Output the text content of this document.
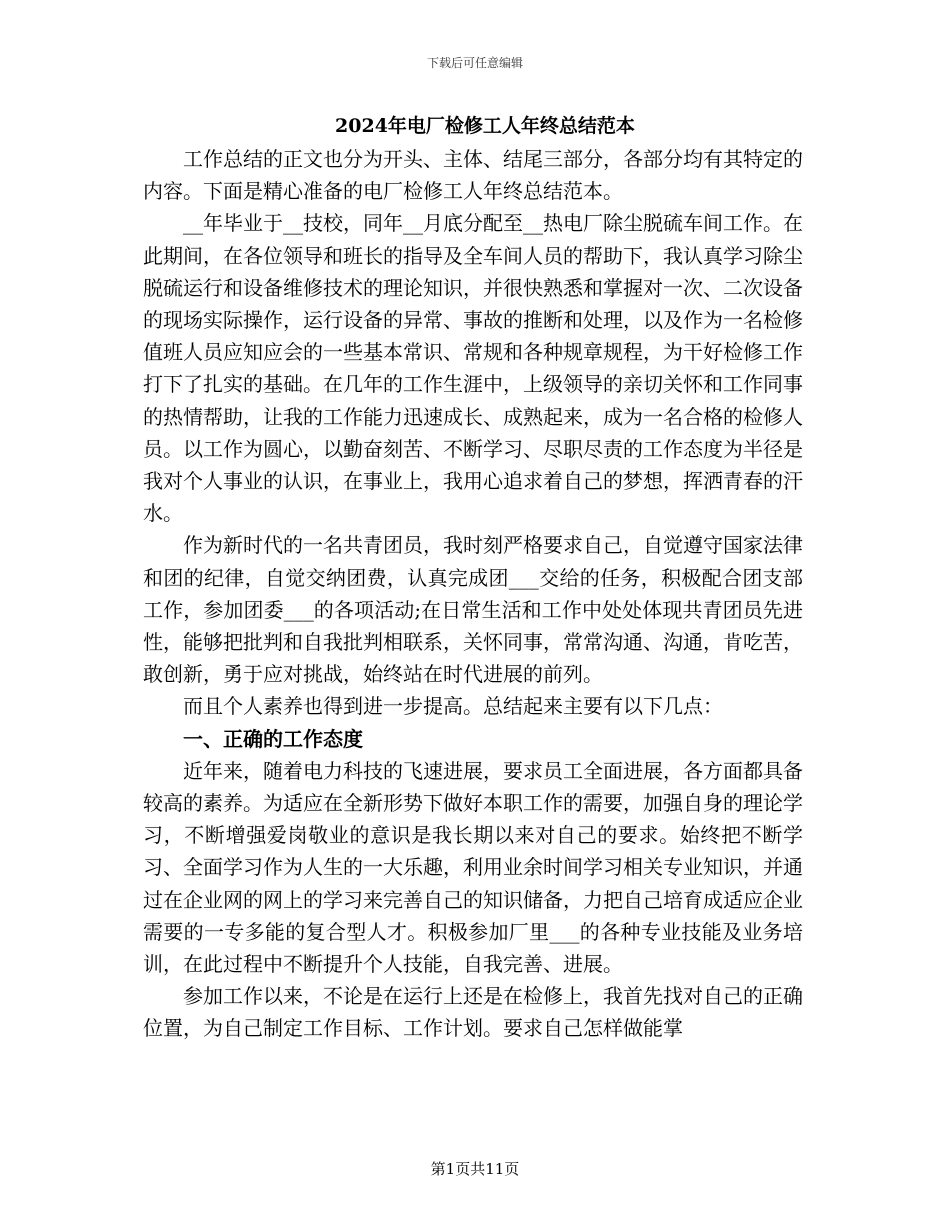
下载后可任意编辑
2024年电厂检修工人年终总结范本

工作总结的正文也分为开头、主体、结尾三部分，各部分均有其特定的内容。下面是精心准备的电厂检修工人年终总结范本。

__年毕业于__技校，同年__月底分配至__热电厂除尘脱硫车间工作。在此期间，在各位领导和班长的指导及全车间人员的帮助下，我认真学习除尘脱硫运行和设备维修技术的理论知识，并很快熟悉和掌握对一次、二次设备的现场实际操作，运行设备的异常、事故的推断和处理，以及作为一名检修值班人员应知应会的一些基本常识、常规和各种规章规程，为干好检修工作打下了扎实的基础。在几年的工作生涯中，上级领导的亲切关怀和工作同事的热情帮助，让我的工作能力迅速成长、成熟起来，成为一名合格的检修人员。以工作为圆心，以勤奋刻苦、不断学习、尽职尽责的工作态度为半径是我对个人事业的认识，在事业上，我用心追求着自己的梦想，挥洒青春的汗水。

作为新时代的一名共青团员，我时刻严格要求自己，自觉遵守国家法律和团的纪律，自觉交纳团费，认真完成团___交给的任务，积极配合团支部工作，参加团委___的各项活动;在日常生活和工作中处处体现共青团员先进性，能够把批判和自我批判相联系，关怀同事，常常沟通、沟通，肯吃苦，敢创新，勇于应对挑战，始终站在时代进展的前列。

而且个人素养也得到进一步提高。总结起来主要有以下几点：

一、正确的工作态度

近年来，随着电力科技的飞速进展，要求员工全面进展，各方面都具备较高的素养。为适应在全新形势下做好本职工作的需要，加强自身的理论学习，不断增强爱岗敬业的意识是我长期以来对自己的要求。始终把不断学习、全面学习作为人生的一大乐趣，利用业余时间学习相关专业知识，并通过在企业网的网上的学习来完善自己的知识储备，力把自己培育成适应企业需要的一专多能的复合型人才。积极参加厂里___的各种专业技能及业务培训，在此过程中不断提升个人技能，自我完善、进展。

参加工作以来，不论是在运行上还是在检修上，我首先找对自己的正确位置，为自己制定工作目标、工作计划。要求自己怎样做能掌

第1页共11页
